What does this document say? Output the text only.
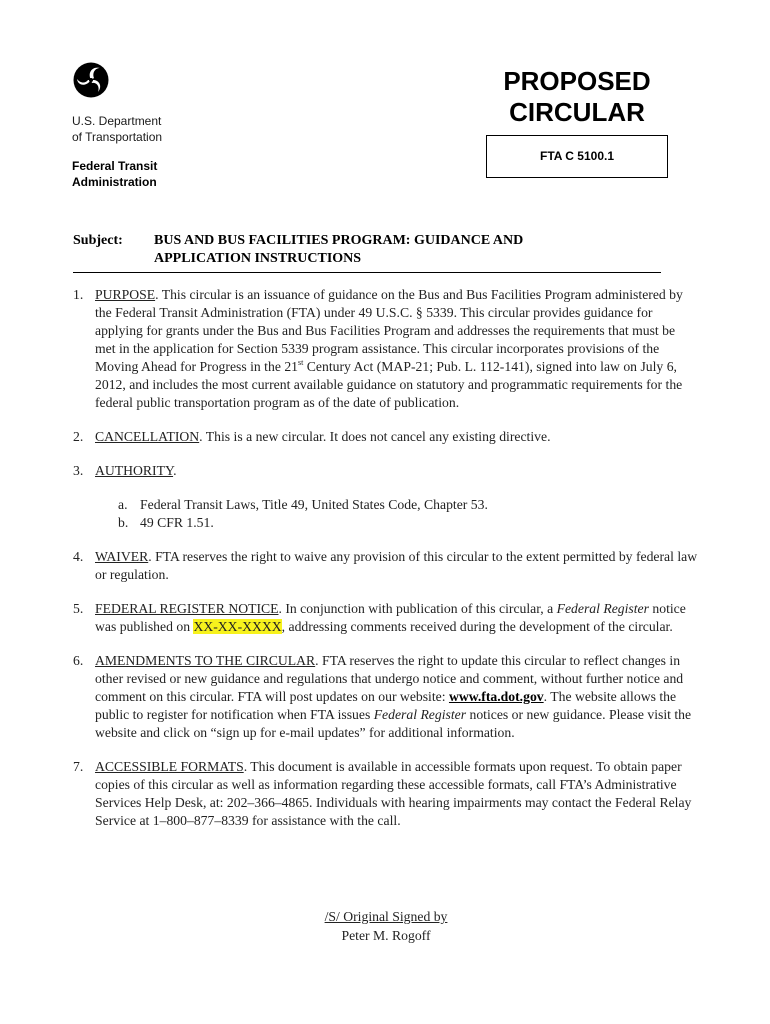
U.S. Department
of Transportation
Federal Transit
Administration
PROPOSED
CIRCULAR
FTA C 5100.1
Subject: BUS AND BUS FACILITIES PROGRAM: GUIDANCE AND
APPLICATION INSTRUCTIONS
1. PURPOSE. This circular is an issuance of guidance on the Bus and Bus Facilities Program administered by the Federal Transit Administration (FTA) under 49 U.S.C. § 5339. This circular provides guidance for applying for grants under the Bus and Bus Facilities Program and addresses the requirements that must be met in the application for Section 5339 program assistance. This circular incorporates provisions of the Moving Ahead for Progress in the 21st Century Act (MAP-21; Pub. L. 112-141), signed into law on July 6, 2012, and includes the most current available guidance on statutory and programmatic requirements for the federal public transportation program as of the date of publication.
2. CANCELLATION. This is a new circular. It does not cancel any existing directive.
3. AUTHORITY.
a. Federal Transit Laws, Title 49, United States Code, Chapter 53.
b. 49 CFR 1.51.
4. WAIVER. FTA reserves the right to waive any provision of this circular to the extent permitted by federal law or regulation.
5. FEDERAL REGISTER NOTICE. In conjunction with publication of this circular, a Federal Register notice was published on XX-XX-XXXX, addressing comments received during the development of the circular.
6. AMENDMENTS TO THE CIRCULAR. FTA reserves the right to update this circular to reflect changes in other revised or new guidance and regulations that undergo notice and comment, without further notice and comment on this circular. FTA will post updates on our website: www.fta.dot.gov. The website allows the public to register for notification when FTA issues Federal Register notices or new guidance. Please visit the website and click on “sign up for e-mail updates” for additional information.
7. ACCESSIBLE FORMATS. This document is available in accessible formats upon request. To obtain paper copies of this circular as well as information regarding these accessible formats, call FTA’s Administrative Services Help Desk, at: 202–366–4865. Individuals with hearing impairments may contact the Federal Relay Service at 1–800–877–8339 for assistance with the call.
/S/ Original Signed by
Peter M. Rogoff
